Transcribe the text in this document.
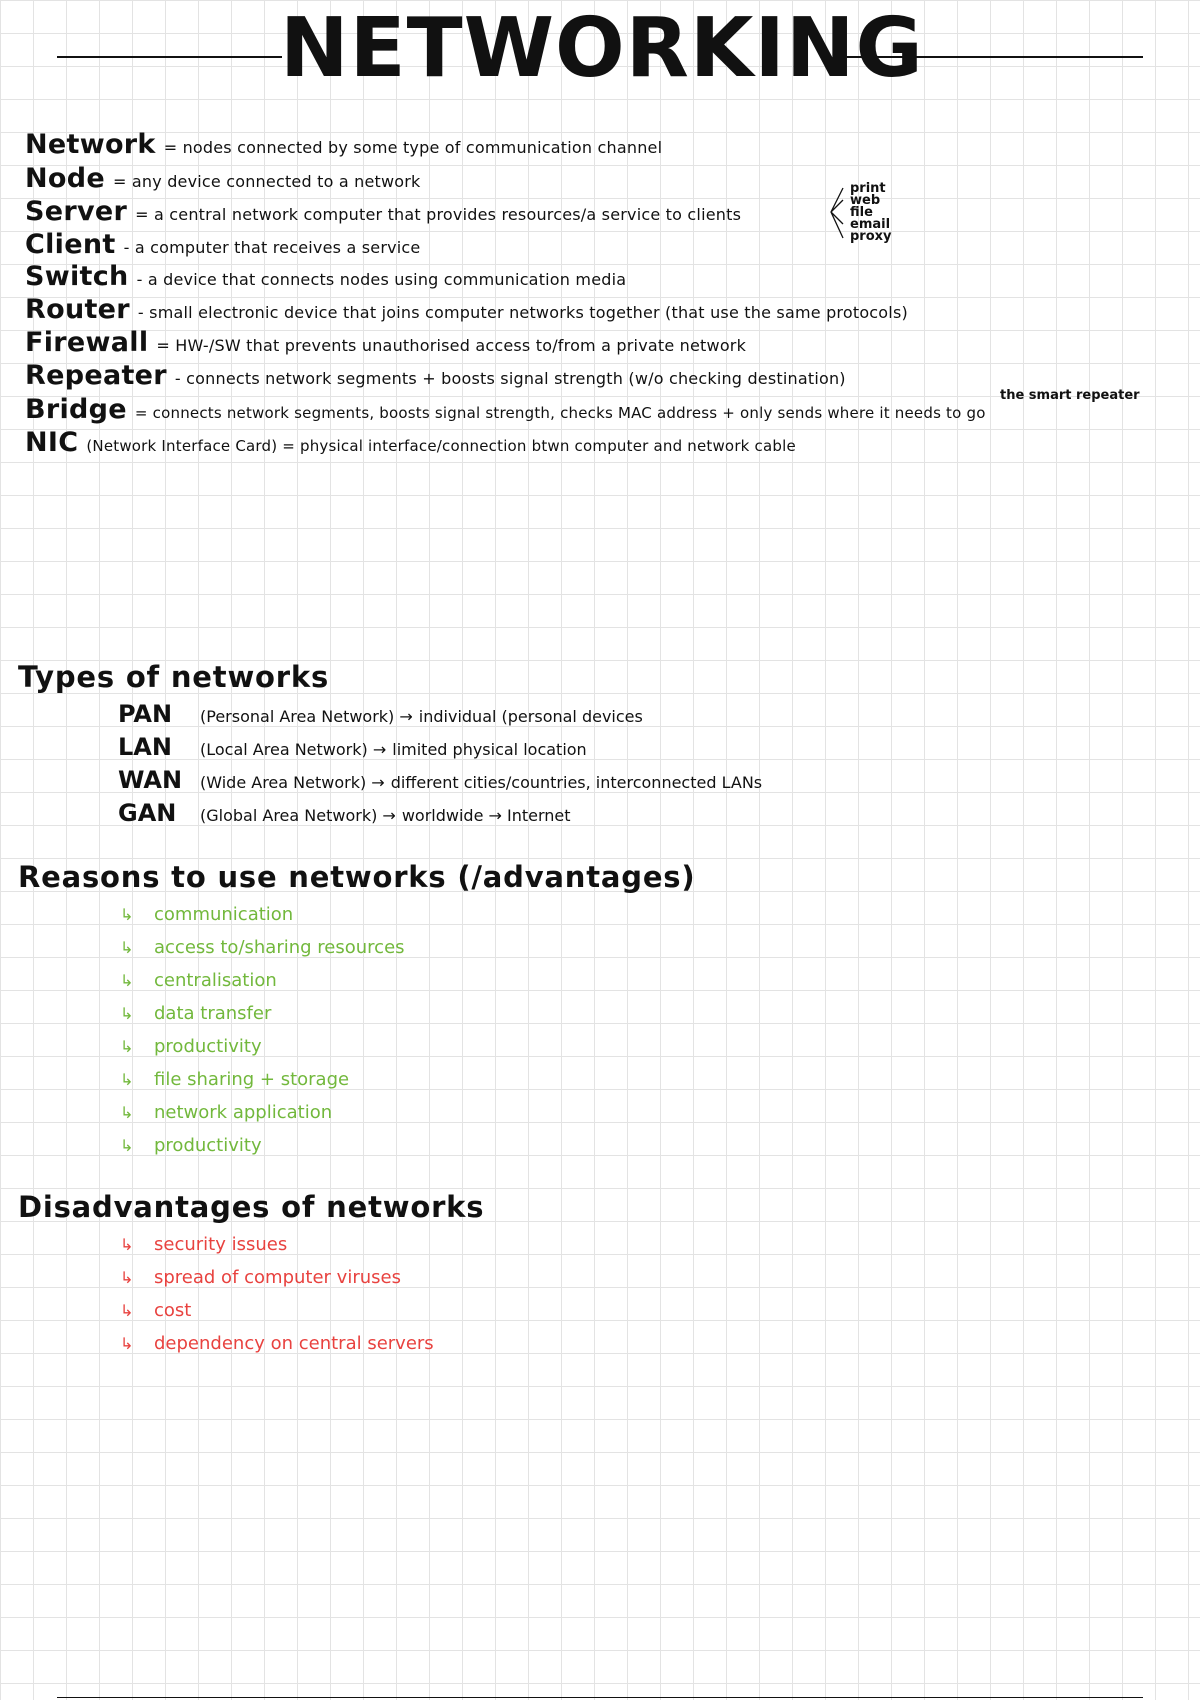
NETWORKING
Network = nodes connected by some type of communication channel
Node = any device connected to a network
Server = a central network computer that provides resources/a service to clients
Client - a computer that receives a service
Switch - a device that connects nodes using communication media
Router - small electronic device that joins computer networks together (that use the same protocols)
Firewall = HW-/SW that prevents unauthorised access to/from a private network
Repeater - connects network segments + boosts signal strength (w/o checking destination)
Bridge = connects network segments, boosts signal strength, checks MAC address + only sends where it needs to go
NIC (Network Interface Card) = physical interface/connection btwn computer and network cable
print
web
file
email
proxy
the smart repeater
Types of networks
PAN (Personal Area Network) → individual (personal devices
LAN (Local Area Network) → limited physical location
WAN (Wide Area Network) → different cities/countries, interconnected LANs
GAN (Global Area Network) → worldwide → Internet
Reasons to use networks (/advantages)
↳ communication
↳ access to/sharing resources
↳ centralisation
↳ data transfer
↳ productivity
↳ file sharing + storage
↳ network application
↳ productivity
Disadvantages of networks
↳ security issues
↳ spread of computer viruses
↳ cost
↳ dependency on central servers
